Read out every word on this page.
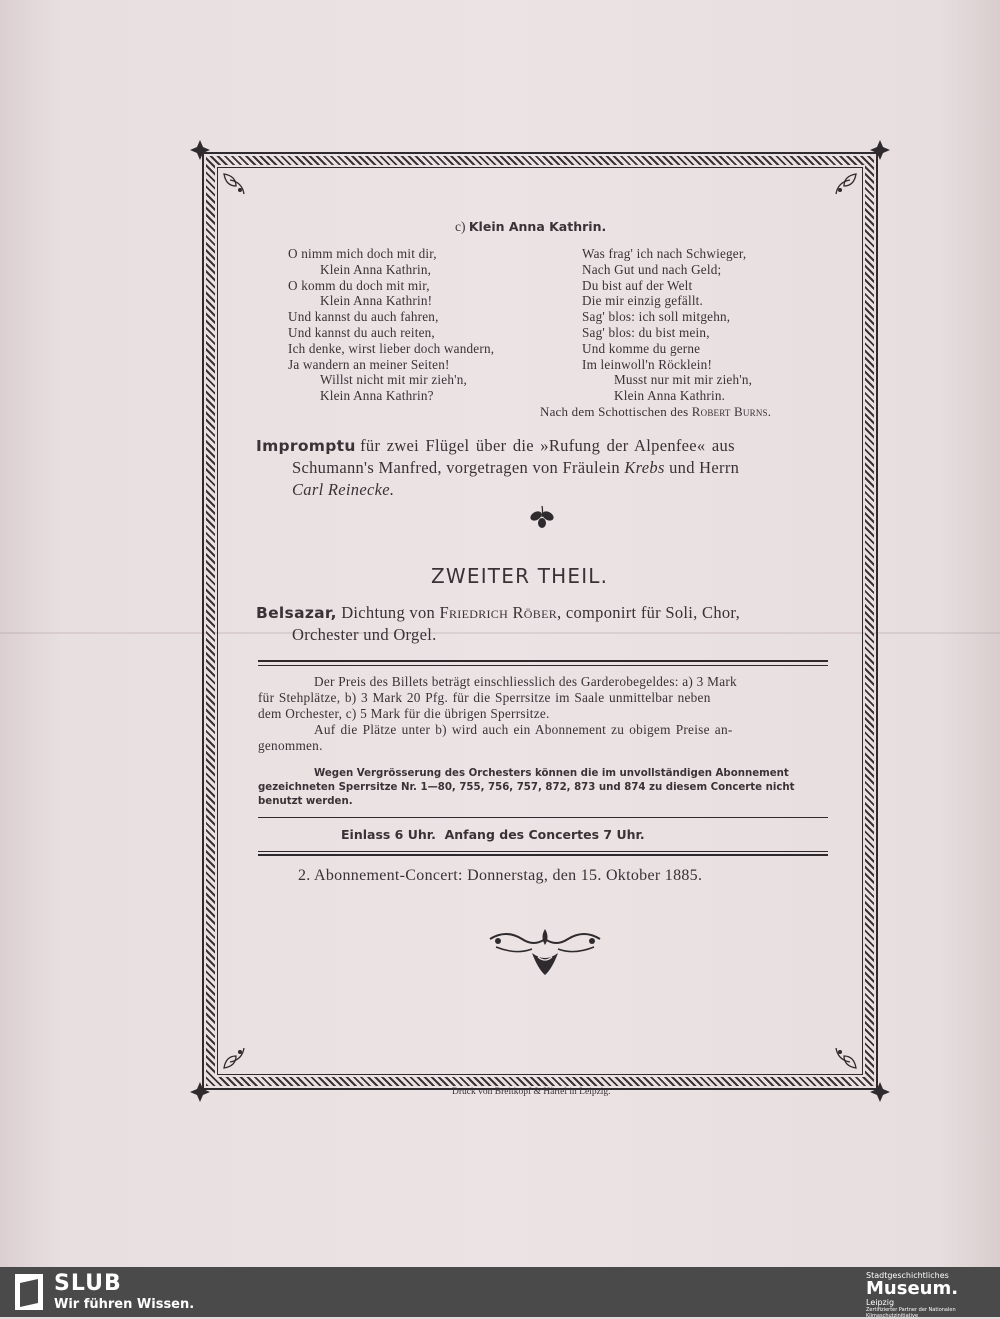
c) Klein Anna Kathrin.
O nimm mich doch mit dir,
Klein Anna Kathrin,
O komm du doch mit mir,
Klein Anna Kathrin!
Und kannst du auch fahren,
Und kannst du auch reiten,
Ich denke, wirst lieber doch wandern,
Ja wandern an meiner Seiten!
Willst nicht mit mir zieh'n,
Klein Anna Kathrin?
Was frag' ich nach Schwieger,
Nach Gut und nach Geld;
Du bist auf der Welt
Die mir einzig gefällt.
Sag' blos: ich soll mitgehn,
Sag' blos: du bist mein,
Und komme du gerne
Im leinwoll'n Röcklein!
Musst nur mit mir zieh'n,
Klein Anna Kathrin.
Nach dem Schottischen des Robert Burns.
Impromptu für zwei Flügel über die »Rufung der Alpenfee« aus
Schumann's Manfred, vorgetragen von Fräulein Krebs und Herrn
Carl Reinecke.
ZWEITER THEIL.
Belsazar, Dichtung von Friedrich Röber, componirt für Soli, Chor,
Orchester und Orgel.
Der Preis des Billets beträgt einschliesslich des Garderobegeldes: a) 3 Mark
für Stehplätze, b) 3 Mark 20 Pfg. für die Sperrsitze im Saale unmittelbar neben
dem Orchester, c) 5 Mark für die übrigen Sperrsitze.
Auf die Plätze unter b) wird auch ein Abonnement zu obigem Preise an-
genommen.
Wegen Vergrösserung des Orchesters können die im unvollständigen Abonnement
gezeichneten Sperrsitze Nr. 1—80, 755, 756, 757, 872, 873 und 874 zu diesem Concerte nicht
benutzt werden.
Einlass 6 Uhr.  Anfang des Concertes 7 Uhr.
2. Abonnement-Concert: Donnerstag, den 15. Oktober 1885.
Druck von Breitkopf & Härtel in Leipzig.
SLUB
Wir führen Wissen.
Stadtgeschichtliches
Museum.
Leipzig
Zertifizierter Partner der Nationalen Klimaschutzinitiative
